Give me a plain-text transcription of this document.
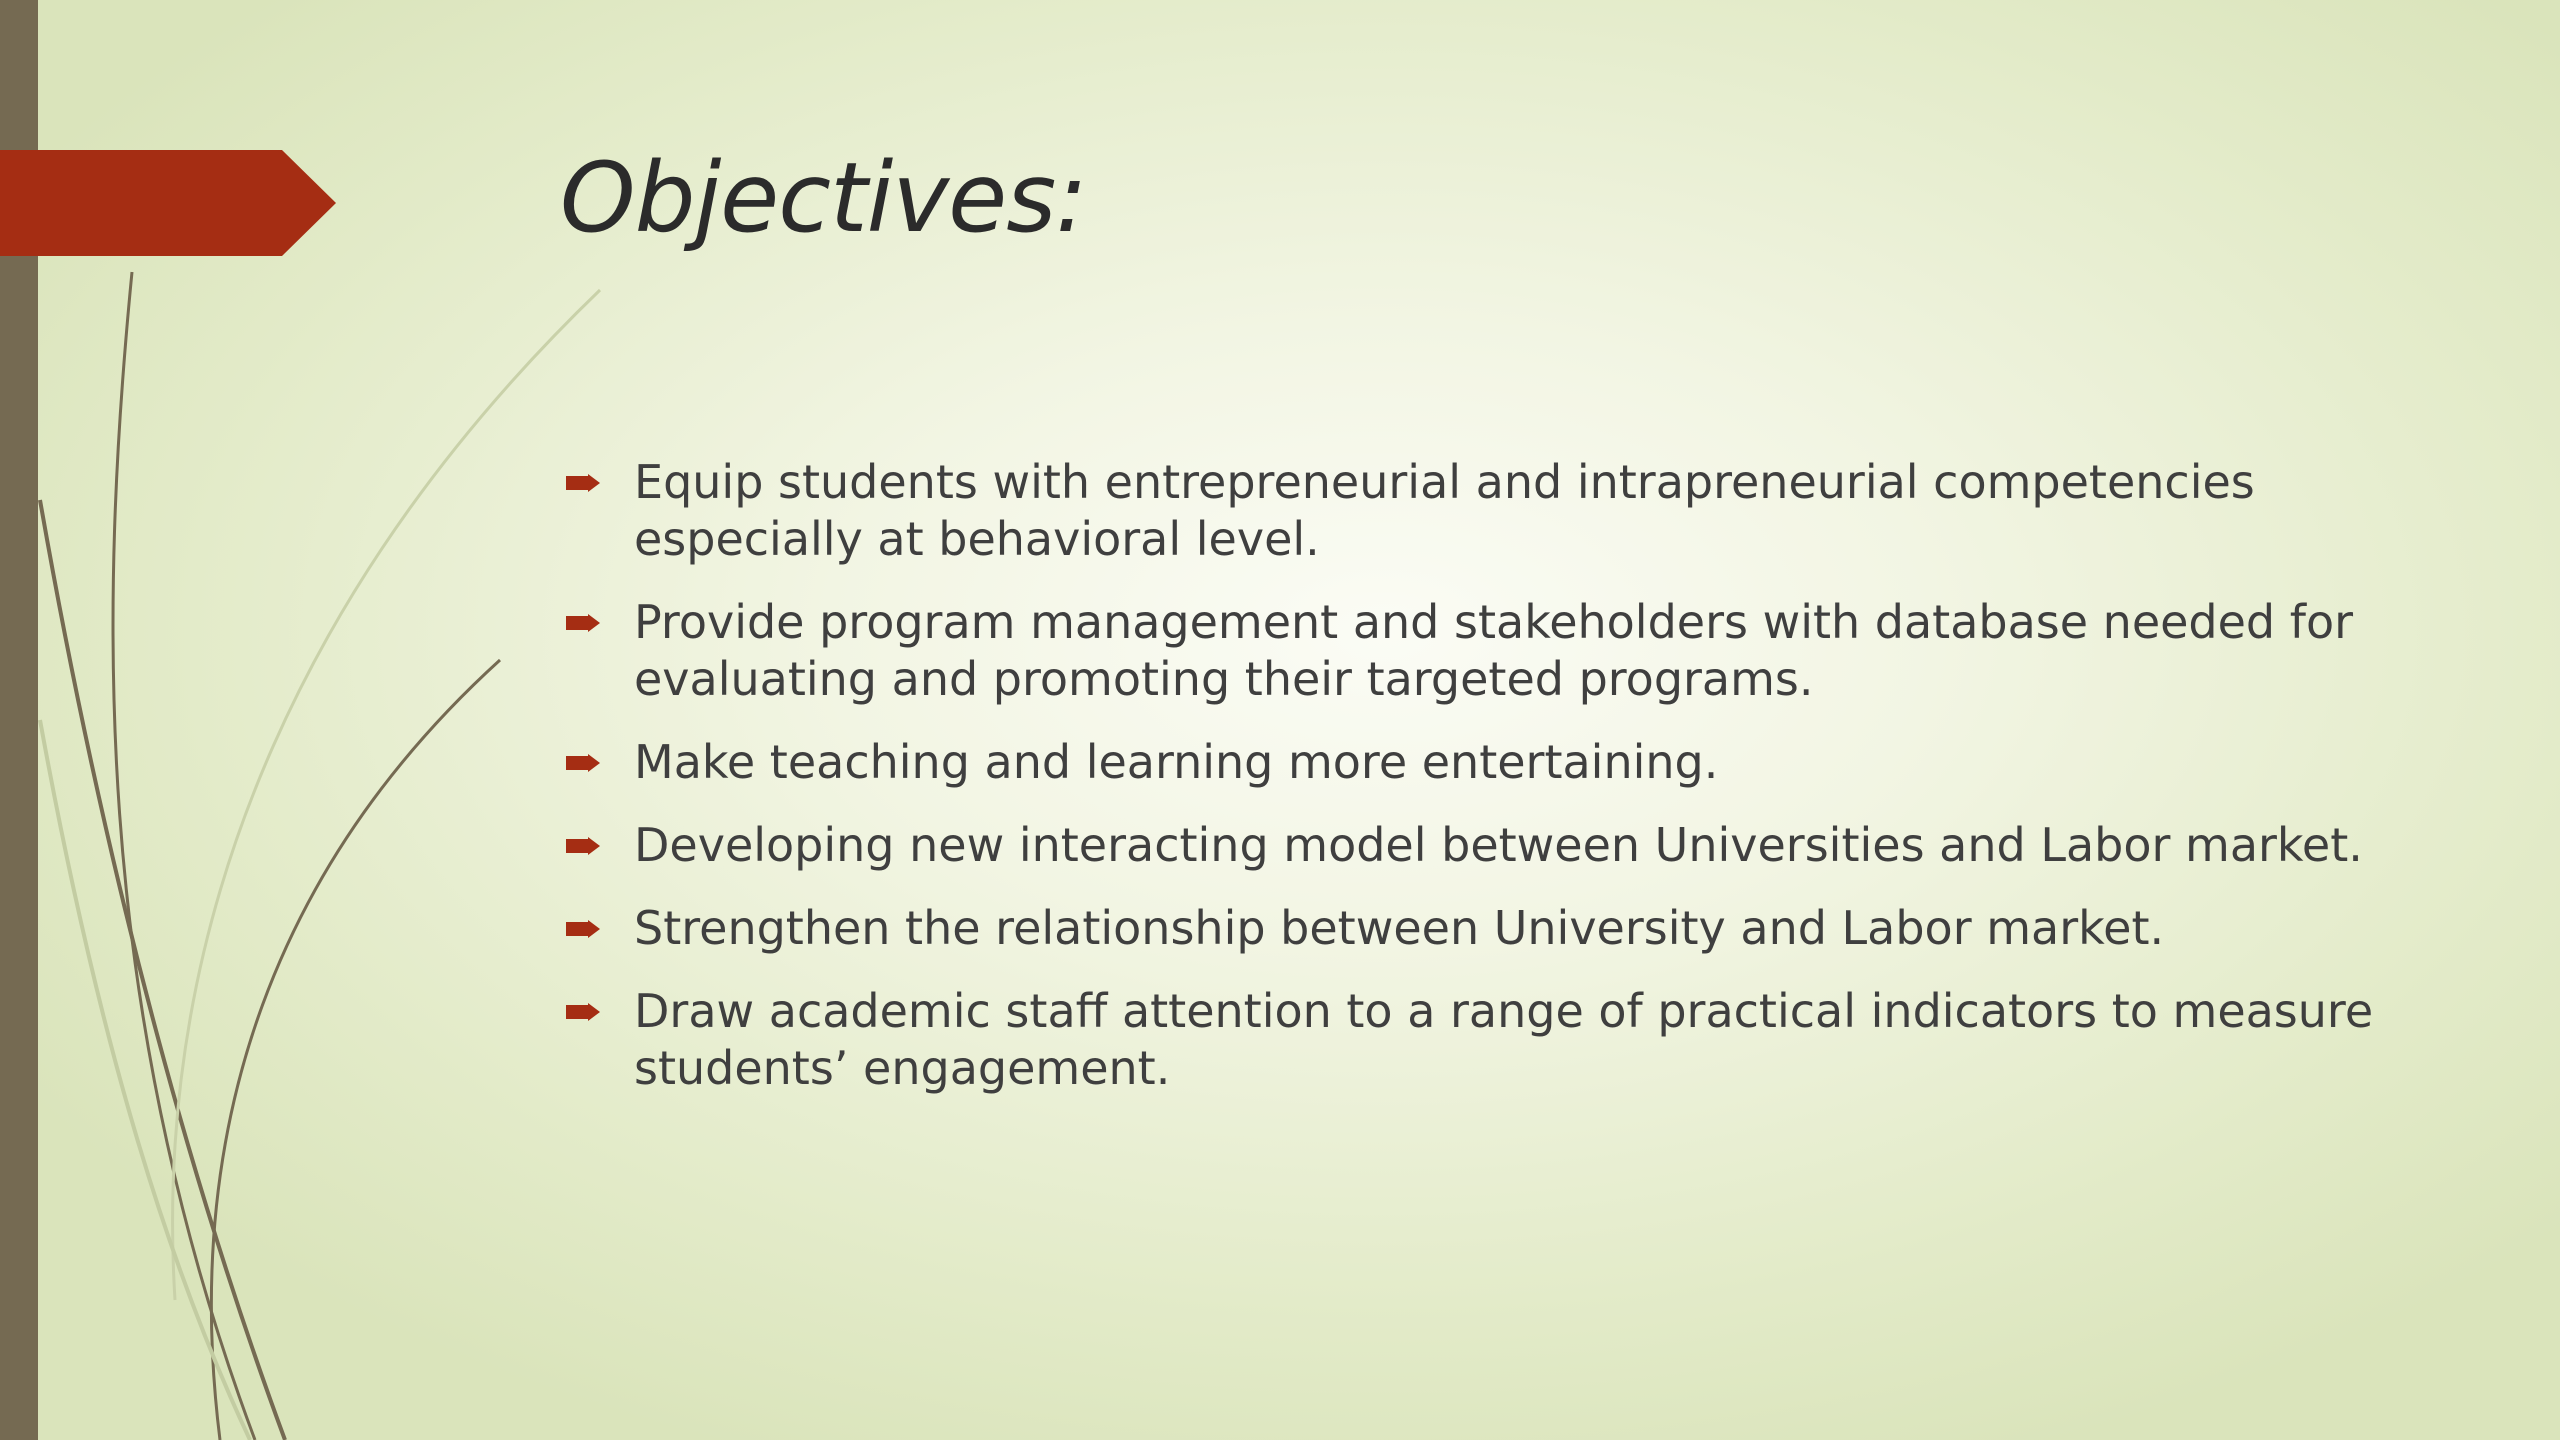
Objectives:
Equip students with entrepreneurial and intrapreneurial competencies especially at behavioral level.
Provide program management and stakeholders with database needed for evaluating and promoting their targeted programs.
Make teaching and learning more entertaining.
Developing new interacting model between Universities and Labor market.
Strengthen the relationship between University and Labor market.
Draw academic staff attention to a range of practical indicators to measure students’ engagement.
